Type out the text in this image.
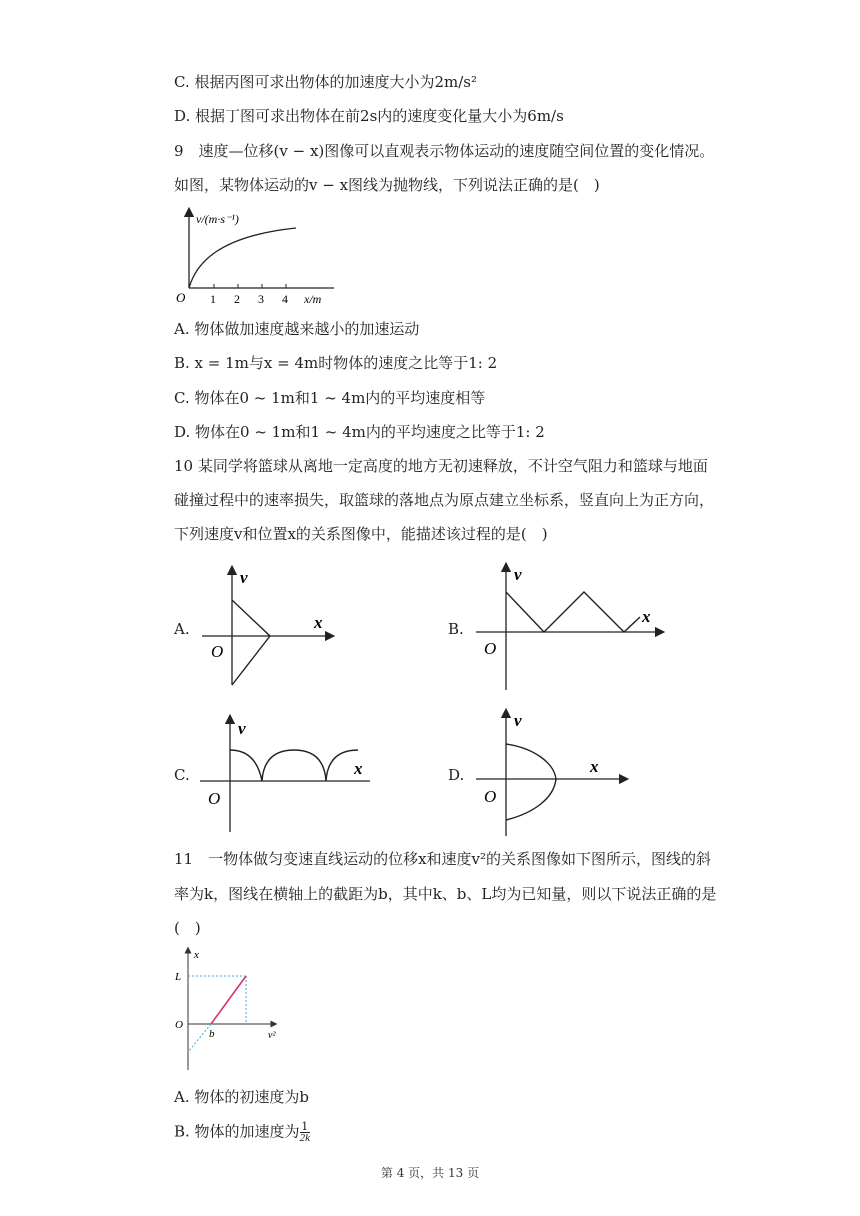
C. 根据丙图可求出物体的加速度大小为2m/s²
D. 根据丁图可求出物体在前2s内的速度变化量大小为6m/s
9　速度—位移(v − x)图像可以直观表示物体运动的速度随空间位置的变化情况。
如图，某物体运动的v − x图线为抛物线，下列说法正确的是(　)
v/(m·s⁻¹)
O 1 2 3 4 x/m
A. 物体做加速度越来越小的加速运动
B. x = 1m与x = 4m时物体的速度之比等于1: 2
C. 物体在0 ~ 1m和1 ~ 4m内的平均速度相等
D. 物体在0 ~ 1m和1 ~ 4m内的平均速度之比等于1: 2
10 某同学将篮球从离地一定高度的地方无初速释放，不计空气阻力和篮球与地面
碰撞过程中的速率损失，取篮球的落地点为原点建立坐标系，竖直向上为正方向，
下列速度v和位置x的关系图像中，能描述该过程的是(　)
A.
v
x
O
B.
v
x
O
C.
v
x
O
D.
v
x
O
11　一物体做匀变速直线运动的位移x和速度v²的关系图像如下图所示，图线的斜
率为k，图线在横轴上的截距为b，其中k、b、L均为已知量，则以下说法正确的是
(　)
x
L
O
b	v²
A. 物体的初速度为b
B. 物体的加速度为 $\frac{1}{2k}$
第 4 页，共 13 页
